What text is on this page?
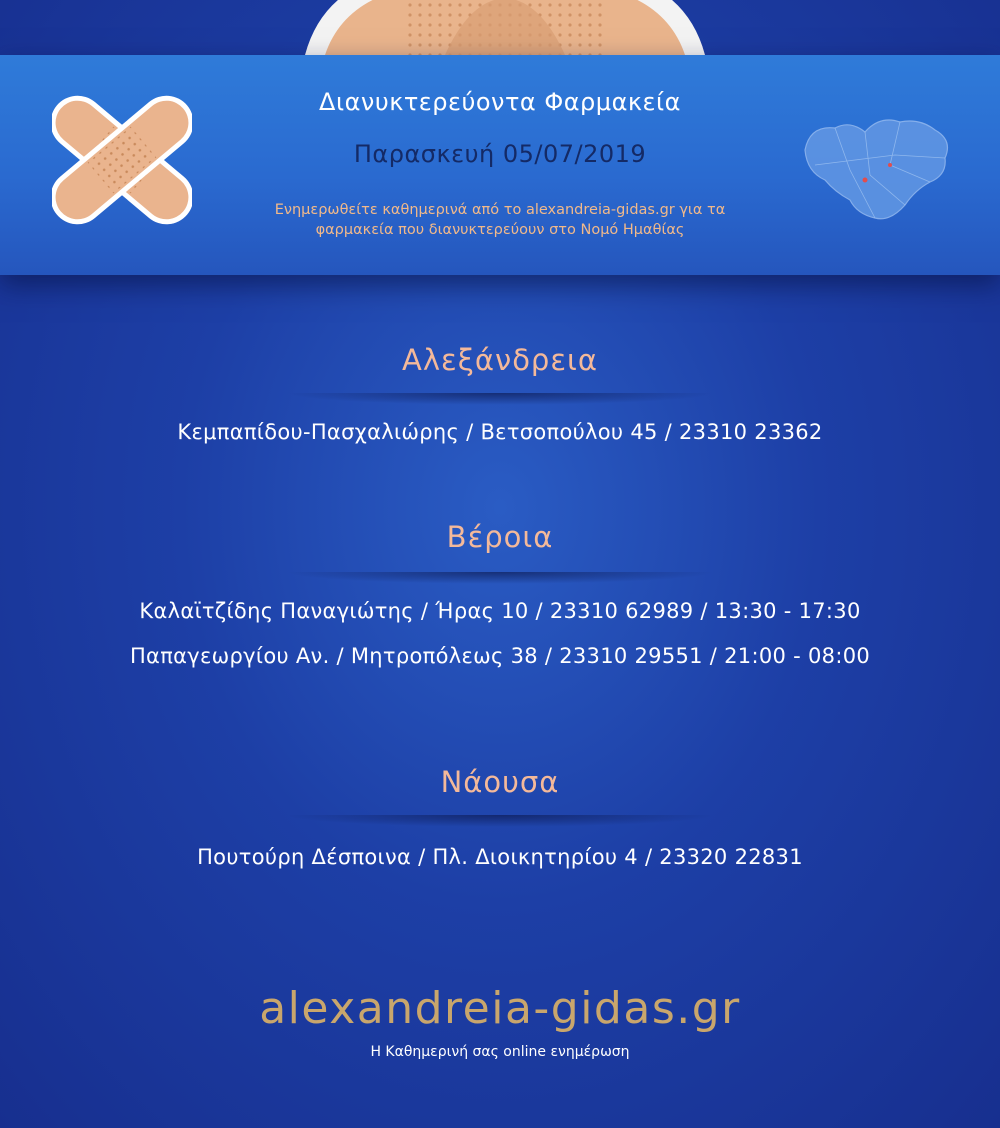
Διανυκτερεύοντα Φαρμακεία
Παρασκευή 05/07/2019
Ενημερωθείτε καθημερινά από το alexandreia-gidas.gr για τα
φαρμακεία που διανυκτερεύουν στο Νομό Ημαθίας
Αλεξάνδρεια
Κεμπαπίδου-Πασχαλιώρης / Βετσοπούλου 45 / 23310 23362
Βέροια
Καλαϊτζίδης Παναγιώτης / Ήρας 10 / 23310 62989 / 13:30 - 17:30
Παπαγεωργίου Αν. / Μητροπόλεως 38 / 23310 29551 / 21:00 - 08:00
Νάουσα
Πουτούρη Δέσποινα / Πλ. Διοικητηρίου 4 / 23320 22831
alexandreia-gidas.gr
Η Καθημερινή σας online ενημέρωση
